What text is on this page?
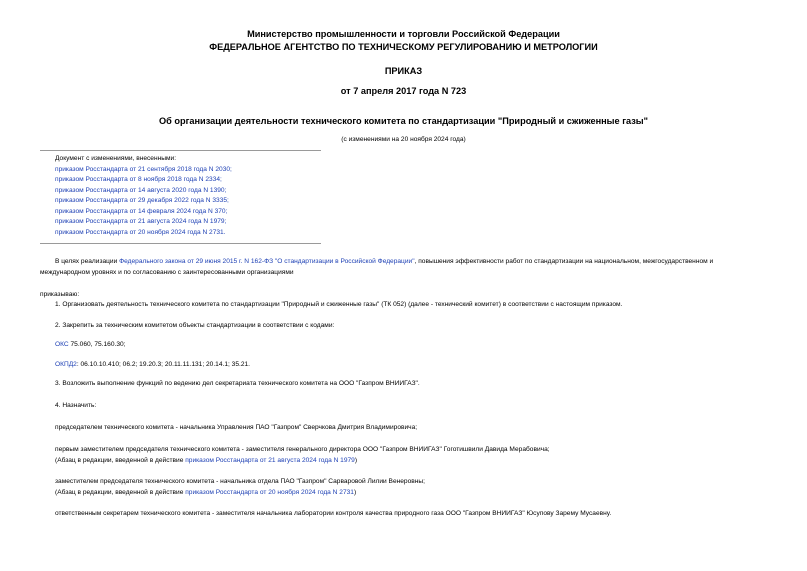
Министерство промышленности и торговли Российской Федерации
ФЕДЕРАЛЬНОЕ АГЕНТСТВО ПО ТЕХНИЧЕСКОМУ РЕГУЛИРОВАНИЮ И МЕТРОЛОГИИ
ПРИКАЗ
от 7 апреля 2017 года N 723
Об организации деятельности технического комитета по стандартизации "Природный и сжиженные газы"
(с изменениями на 20 ноября 2024 года)
Документ с изменениями, внесенными:
приказом Росстандарта от 21 сентября 2018 года N 2030;
приказом Росстандарта от 8 ноября 2018 года N 2334;
приказом Росстандарта от 14 августа 2020 года N 1390;
приказом Росстандарта от 29 декабря 2022 года N 3335;
приказом Росстандарта от 14 февраля 2024 года N 370;
приказом Росстандарта от 21 августа 2024 года N 1979;
приказом Росстандарта от 20 ноября 2024 года N 2731.
В целях реализации Федерального закона от 29 июня 2015 г. N 162-ФЗ "О стандартизации в Российской Федерации", повышения эффективности работ по стандартизации на национальном, межгосударственном и
международном уровнях и по согласованию с заинтересованными организациями
приказываю:
1. Организовать деятельность технического комитета по стандартизации "Природный и сжиженные газы" (ТК 052) (далее - технический комитет) в соответствии с настоящим приказом.
2. Закрепить за техническим комитетом объекты стандартизации в соответствии с кодами:
ОКС 75.060, 75.160.30;
ОКПД2: 06.10.10.410; 06.2; 19.20.3; 20.11.11.131; 20.14.1; 35.21.
3. Возложить выполнение функций по ведению дел секретариата технического комитета на ООО "Газпром ВНИИГАЗ".
4. Назначить:
председателем технического комитета - начальника Управления ПАО "Газпром" Сверчкова Дмитрия Владимировича;
первым заместителем председателя технического комитета - заместителя генерального директора ООО "Газпром ВНИИГАЗ" Гоготишвили Давида Мерабовича;
(Абзац в редакции, введенной в действие приказом Росстандарта от 21 августа 2024 года N 1979)
заместителем председателя технического комитета - начальника отдела ПАО "Газпром" Сарваровой Лилии Венеровны;
(Абзац в редакции, введенной в действие приказом Росстандарта от 20 ноября 2024 года N 2731)
ответственным секретарем технического комитета - заместителя начальника лаборатории контроля качества природного газа ООО "Газпром ВНИИГАЗ" Юсупову Зарему Мусаевну.
